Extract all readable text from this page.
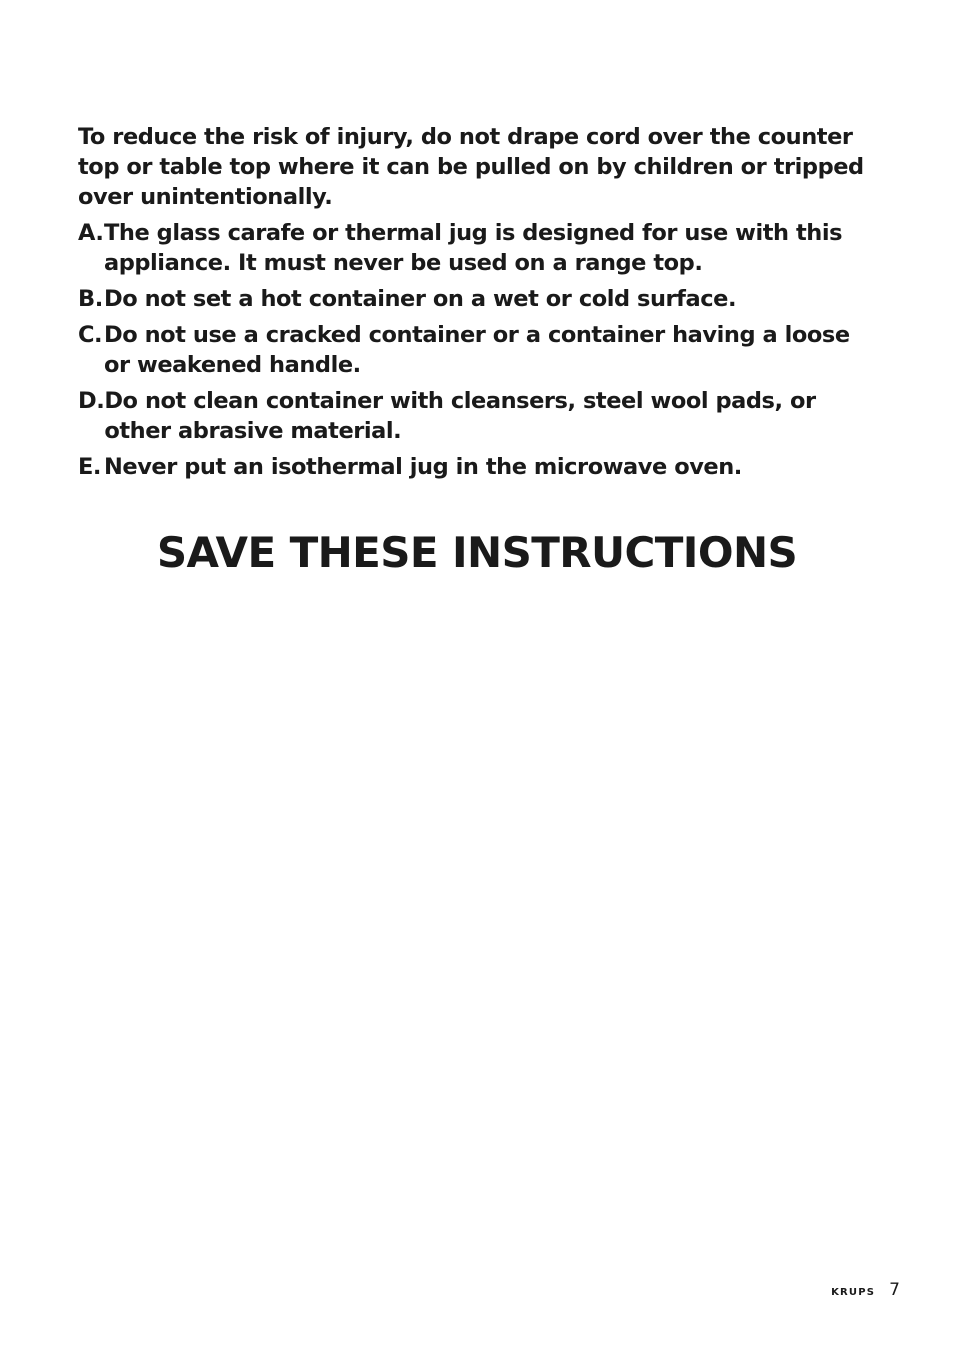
To reduce the risk of injury, do not drape cord over the counter top or table top where it can be pulled on by children or tripped over unintentionally.

A. The glass carafe or thermal jug is designed for use with this appliance. It must never be used on a range top.
B. Do not set a hot container on a wet or cold surface.
C. Do not use a cracked container or a container having a loose or weakened handle.
D. Do not clean container with cleansers, steel wool pads, or other abrasive material.
E. Never put an isothermal jug in the microwave oven.
SAVE THESE INSTRUCTIONS
KRUPS 7
